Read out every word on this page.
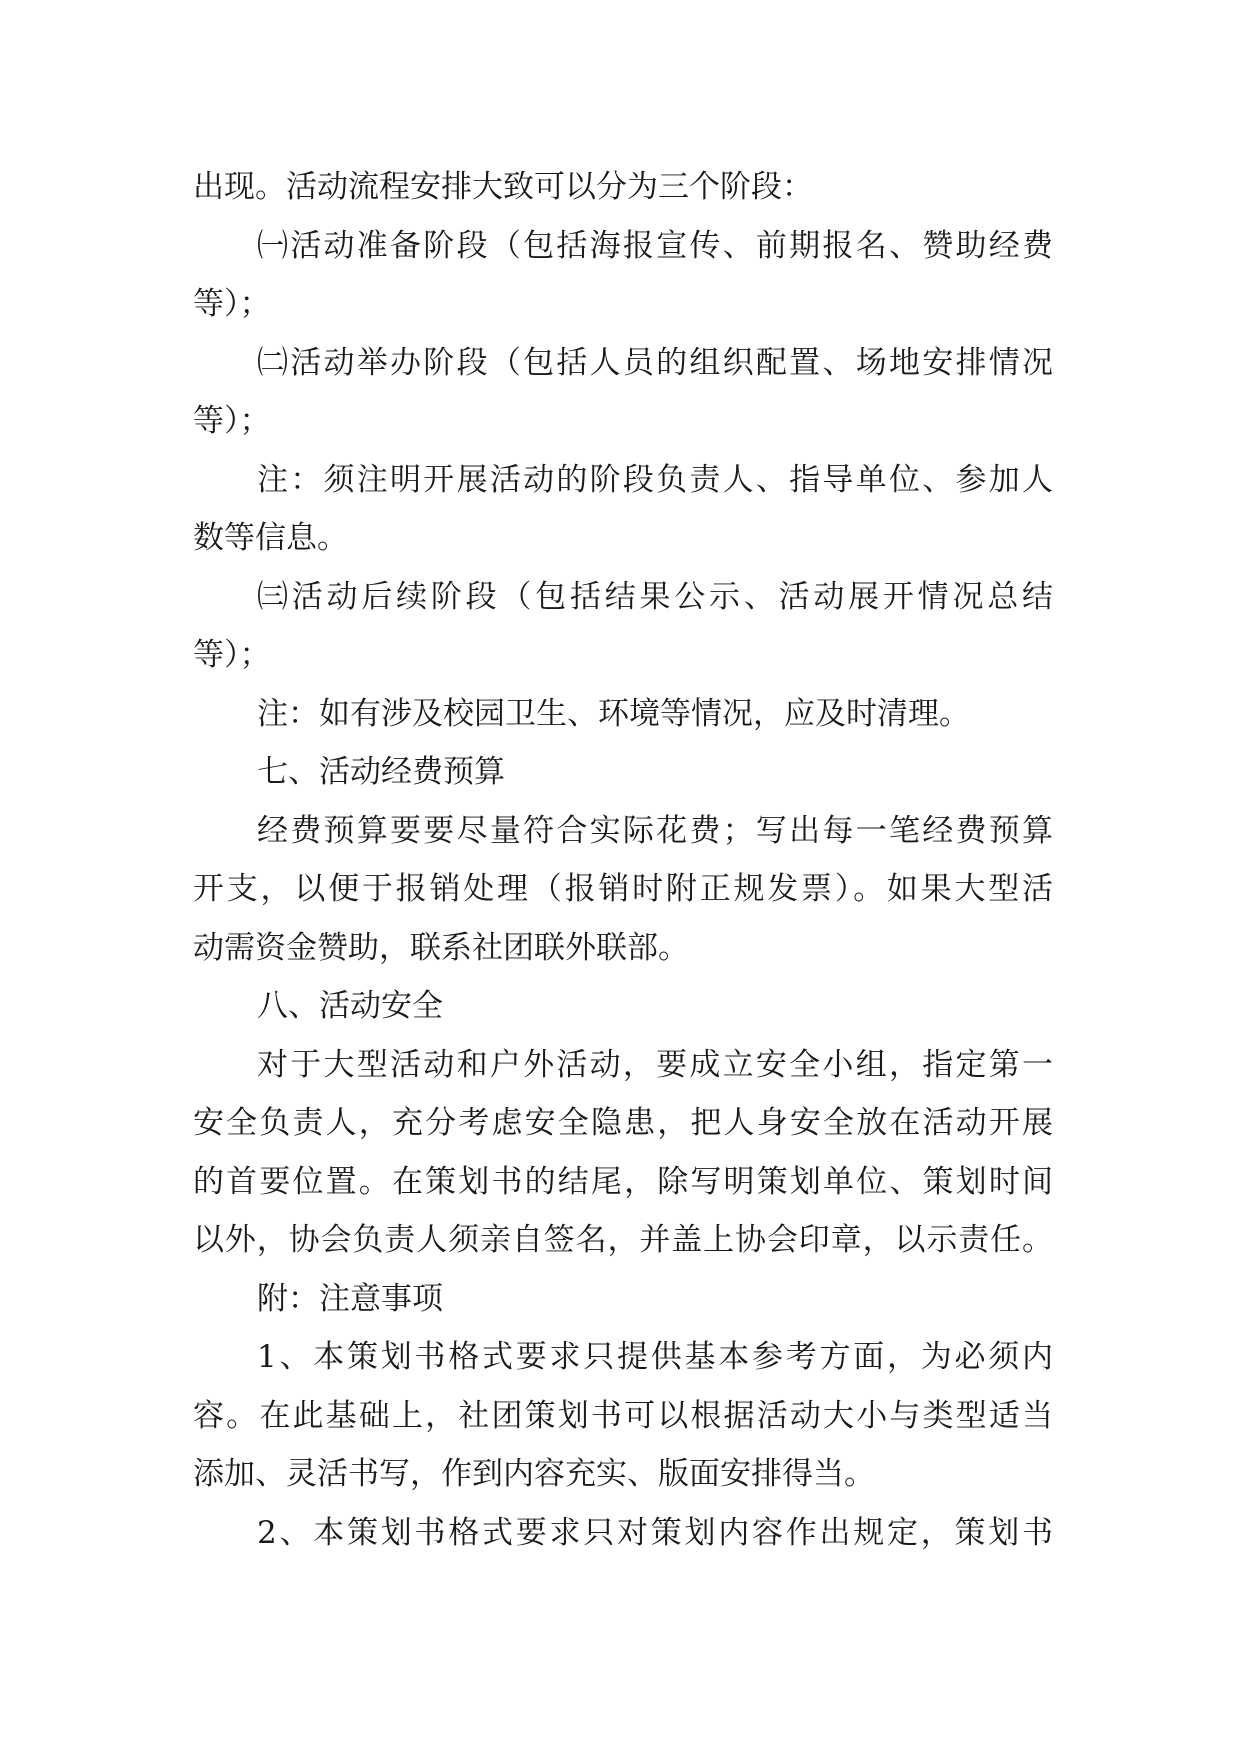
出现。活动流程安排大致可以分为三个阶段：
㈠活动准备阶段（包括海报宣传、前期报名、赞助经费
等）；
㈡活动举办阶段（包括人员的组织配置、场地安排情况
等）；
注：须注明开展活动的阶段负责人、指导单位、参加人
数等信息。
㈢活动后续阶段（包括结果公示、活动展开情况总结
等）；
注：如有涉及校园卫生、环境等情况，应及时清理。
七、活动经费预算
经费预算要要尽量符合实际花费；写出每一笔经费预算
开支，以便于报销处理（报销时附正规发票）。如果大型活
动需资金赞助，联系社团联外联部。
八、活动安全
对于大型活动和户外活动，要成立安全小组，指定第一
安全负责人，充分考虑安全隐患，把人身安全放在活动开展
的首要位置。在策划书的结尾，除写明策划单位、策划时间
以外，协会负责人须亲自签名，并盖上协会印章，以示责任。
附：注意事项
1、本策划书格式要求只提供基本参考方面，为必须内
容。在此基础上，社团策划书可以根据活动大小与类型适当
添加、灵活书写，作到内容充实、版面安排得当。
2、本策划书格式要求只对策划内容作出规定，策划书
